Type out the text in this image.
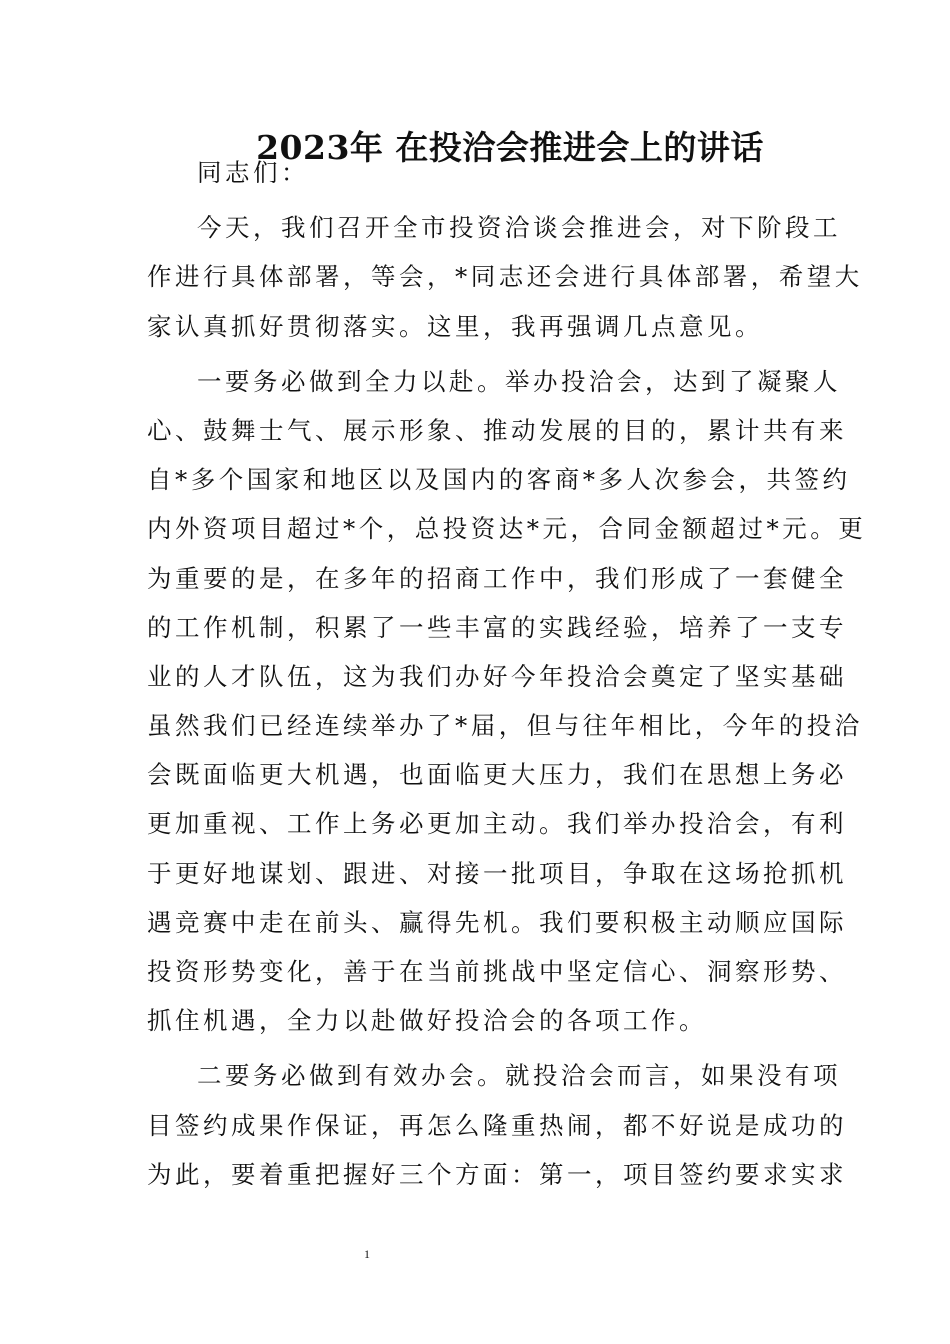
2023年 在投洽会推进会上的讲话
同志们：
今天，我们召开全市投资洽谈会推进会，对下阶段工
作进行具体部署，等会，*同志还会进行具体部署，希望大
家认真抓好贯彻落实。这里，我再强调几点意见。
一要务必做到全力以赴。举办投洽会，达到了凝聚人
心、鼓舞士气、展示形象、推动发展的目的，累计共有来
自*多个国家和地区以及国内的客商*多人次参会，共签约
内外资项目超过*个，总投资达*元，合同金额超过*元。更
为重要的是，在多年的招商工作中，我们形成了一套健全
的工作机制，积累了一些丰富的实践经验，培养了一支专
业的人才队伍，这为我们办好今年投洽会奠定了坚实基础
虽然我们已经连续举办了*届，但与往年相比，今年的投洽
会既面临更大机遇，也面临更大压力，我们在思想上务必
更加重视、工作上务必更加主动。我们举办投洽会，有利
于更好地谋划、跟进、对接一批项目，争取在这场抢抓机
遇竞赛中走在前头、赢得先机。我们要积极主动顺应国际
投资形势变化，善于在当前挑战中坚定信心、洞察形势、
抓住机遇，全力以赴做好投洽会的各项工作。
二要务必做到有效办会。就投洽会而言，如果没有项
目签约成果作保证，再怎么隆重热闹，都不好说是成功的
为此，要着重把握好三个方面：第一，项目签约要求实求
1
